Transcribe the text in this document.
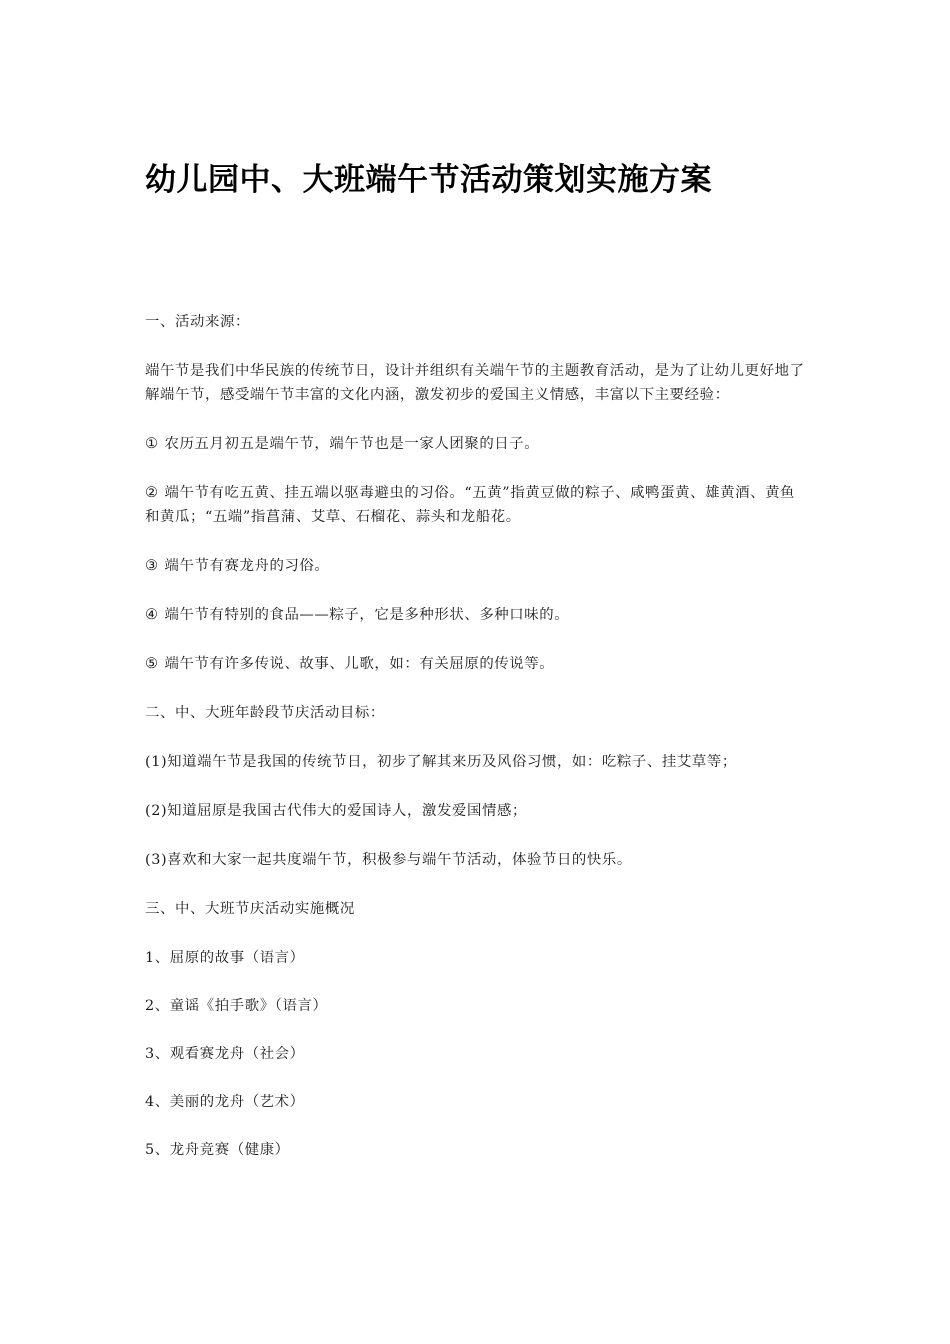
幼儿园中、大班端午节活动策划实施方案

一、活动来源：

端午节是我们中华民族的传统节日，设计并组织有关端午节的主题教育活动，是为了让幼儿更好地了解端午节，感受端午节丰富的文化内涵，激发初步的爱国主义情感，丰富以下主要经验：

① 农历五月初五是端午节，端午节也是一家人团聚的日子。

② 端午节有吃五黄、挂五端以驱毒避虫的习俗。“五黄”指黄豆做的粽子、咸鸭蛋黄、雄黄酒、黄鱼和黄瓜；“五端”指菖蒲、艾草、石榴花、蒜头和龙船花。

③ 端午节有赛龙舟的习俗。

④ 端午节有特别的食品——粽子，它是多种形状、多种口味的。

⑤ 端午节有许多传说、故事、儿歌，如：有关屈原的传说等。

二、中、大班年龄段节庆活动目标：

(1)知道端午节是我国的传统节日，初步了解其来历及风俗习惯，如：吃粽子、挂艾草等；

(2)知道屈原是我国古代伟大的爱国诗人，激发爱国情感；

(3)喜欢和大家一起共度端午节，积极参与端午节活动，体验节日的快乐。

三、中、大班节庆活动实施概况

1、屈原的故事（语言）

2、童谣《拍手歌》（语言）

3、观看赛龙舟（社会）

4、美丽的龙舟（艺术）

5、龙舟竞赛（健康）
